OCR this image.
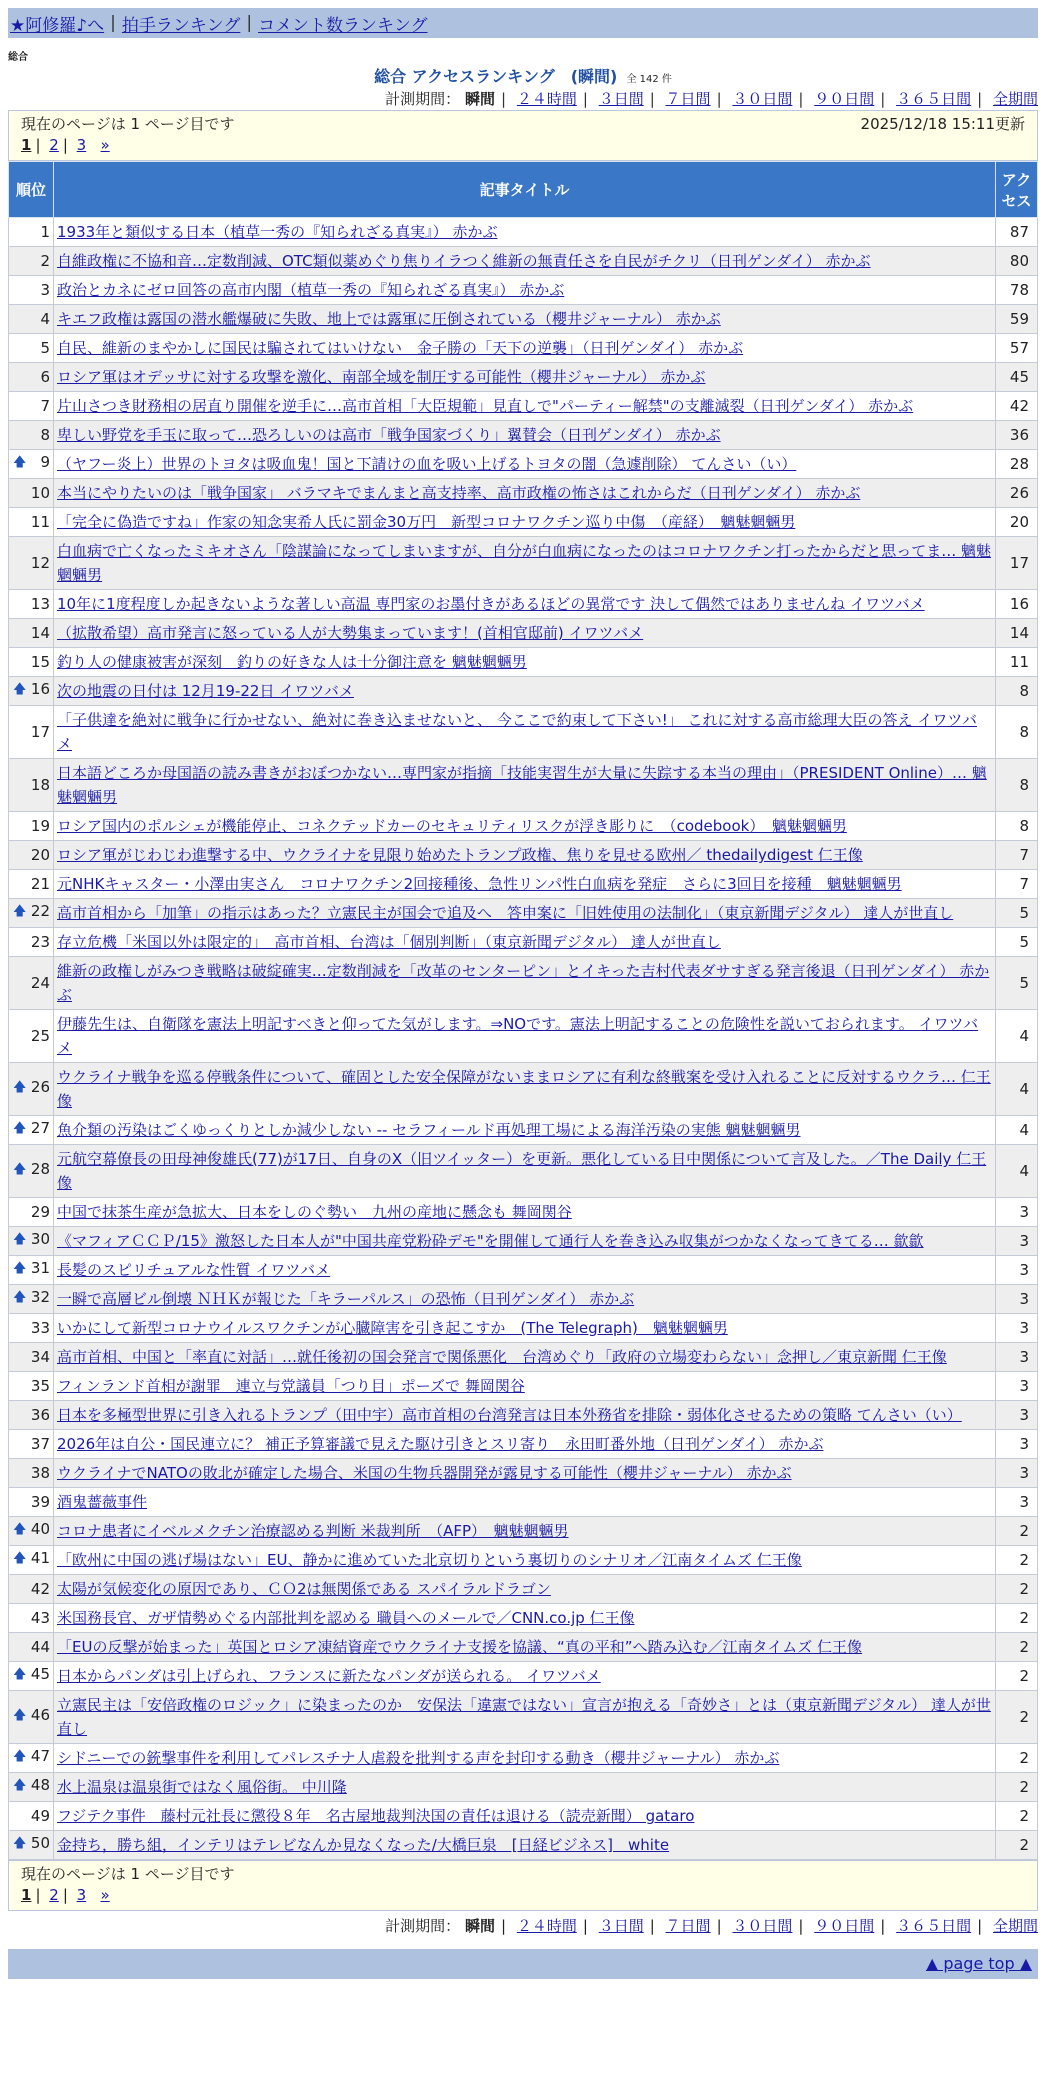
★阿修羅♪へ | 拍手ランキング | コメント数ランキング
総合
総合 アクセスランキング　(瞬間) 全 142 件
計測期間： 瞬間 | ２４時間 | ３日間 | ７日間 | ３０日間 | ９０日間 | ３６５日間 | 全期間
現在のページは 1 ページ目です	2025/12/18 15:11更新
1 | 2 | 3 »
順位	記事タイトル	アクセス
1	1933年と類似する日本（植草一秀の『知られざる真実』） 赤かぶ	87
2	自維政権に不協和音…定数削減、OTC類似薬めぐり焦りイラつく維新の無責任さを自民がチクリ（日刊ゲンダイ） 赤かぶ	80
3	政治とカネにゼロ回答の高市内閣（植草一秀の『知られざる真実』） 赤かぶ	78
4	キエフ政権は露国の潜水艦爆破に失敗、地上では露軍に圧倒されている（櫻井ジャーナル） 赤かぶ	59
5	自民、維新のまやかしに国民は騙されてはいけない　金子勝の「天下の逆襲」（日刊ゲンダイ） 赤かぶ	57
6	ロシア軍はオデッサに対する攻撃を激化、南部全域を制圧する可能性（櫻井ジャーナル） 赤かぶ	45
7	片山さつき財務相の居直り開催を逆手に…高市首相「大臣規範」見直しで"パーティー解禁"の支離滅裂（日刊ゲンダイ） 赤かぶ	42
8	卑しい野党を手玉に取って…恐ろしいのは高市「戦争国家づくり」翼賛会（日刊ゲンダイ） 赤かぶ	36

🡅 9	（ヤフー炎上）世界のトヨタは吸血鬼！国と下請けの血を吸い上げるトヨタの闇（急遽削除） てんさい（い）	28
10	本当にやりたいのは「戦争国家」 バラマキでまんまと高支持率、高市政権の怖さはこれからだ（日刊ゲンダイ） 赤かぶ	26
11	「完全に偽造ですね」作家の知念実希人氏に罰金30万円　新型コロナワクチン巡り中傷　（産経）　魑魅魍魎男	20
12	白血病で亡くなったミキオさん「陰謀論になってしまいますが、自分が白血病になったのはコロナワクチン打ったからだと思ってま… 魑魅魍魎男	17
13	10年に1度程度しか起きないような著しい高温 専門家のお墨付きがあるほどの異常です 決して偶然ではありませんね イワツバメ	16
14	（拡散希望）高市発言に怒っている人が大勢集まっています！(首相官邸前) イワツバメ	14
15	釣り人の健康被害が深刻　釣りの好きな人は十分御注意を 魑魅魍魎男	11

🡅 16	次の地震の日付は 12月19-22日 イワツバメ	8
17	「子供達を絶対に戦争に行かせない、絶対に巻き込ませないと、 今ここで約束して下さい!」 これに対する高市総理大臣の答え イワツバメ	8
18	日本語どころか母国語の読み書きがおぼつかない…専門家が指摘「技能実習生が大量に失踪する本当の理由」（PRESIDENT Online）… 魑魅魍魎男	8
19	ロシア国内のポルシェが機能停止、コネクテッドカーのセキュリティリスクが浮き彫りに　（codebook）　魑魅魍魎男	8
20	ロシア軍がじわじわ進撃する中、ウクライナを見限り始めたトランプ政権、焦りを見せる欧州／ thedailydigest 仁王像	7
21	元NHKキャスター・小澤由実さん　コロナワクチン2回接種後、急性リンパ性白血病を発症　さらに3回目を接種　魑魅魍魎男	7

🡅 22	高市首相から「加筆」の指示はあった？立憲民主が国会で追及へ　答申案に「旧姓使用の法制化」（東京新聞デジタル） 達人が世直し	5
23	存立危機「米国以外は限定的」　高市首相、台湾は「個別判断」（東京新聞デジタル） 達人が世直し	5
24	維新の政権しがみつき戦略は破綻確実…定数削減を「改革のセンターピン」とイキった吉村代表ダサすぎる発言後退（日刊ゲンダイ） 赤かぶ	5
25	伊藤先生は、自衛隊を憲法上明記すべきと仰ってた気がします。⇒NOです。憲法上明記することの危険性を説いておられます。 イワツバメ	4

🡅 26	ウクライナ戦争を巡る停戦条件について、確固とした安全保障がないままロシアに有利な終戦案を受け入れることに反対するウクラ… 仁王像	4

🡅 27	魚介類の汚染はごくゆっくりとしか減少しない -- セラフィールド再処理工場による海洋汚染の実態 魑魅魍魎男	4

🡅 28	元航空幕僚長の田母神俊雄氏(77)が17日、自身のX（旧ツイッター）を更新。悪化している日中関係について言及した。／The Daily 仁王像	4
29	中国で抹茶生産が急拡大、日本をしのぐ勢い　九州の産地に懸念も 舞岡関谷	3

🡅 30	《マフィアＣＣＰ/15》激怒した日本人が"中国共産党粉砕デモ"を開催して通行人を巻き込み収集がつかなくなってきてる… 歙歙	3

🡅 31	長髪のスピリチュアルな性質 イワツバメ	3

🡅 32	一瞬で高層ビル倒壊 ＮＨＫが報じた「キラーパルス」の恐怖（日刊ゲンダイ） 赤かぶ	3
33	いかにして新型コロナウイルスワクチンが心臓障害を引き起こすか　(The Telegraph)　魑魅魍魎男	3
34	高市首相、中国と「率直に対話」…就任後初の国会発言で関係悪化　台湾めぐり「政府の立場変わらない」念押し／東京新聞 仁王像	3
35	フィンランド首相が謝罪　連立与党議員「つり目」ポーズで 舞岡関谷	3
36	日本を多極型世界に引き入れるトランプ（田中宇）高市首相の台湾発言は日本外務省を排除・弱体化させるための策略 てんさい（い）	3
37	2026年は自公・国民連立に？ 補正予算審議で見えた駆け引きとスリ寄り　永田町番外地（日刊ゲンダイ） 赤かぶ	3
38	ウクライナでNATOの敗北が確定した場合、米国の生物兵器開発が露見する可能性（櫻井ジャーナル） 赤かぶ	3
39	酒鬼薔薇事件	3

🡅 40	コロナ患者にイベルメクチン治療認める判断 米裁判所　（AFP）　魑魅魍魎男	2

🡅 41	「欧州に中国の逃げ場はない」EU、静かに進めていた北京切りという裏切りのシナリオ／江南タイムズ 仁王像	2
42	太陽が気候変化の原因であり、ＣＯ2は無関係である スパイラルドラゴン	2
43	米国務長官、ガザ情勢めぐる内部批判を認める 職員へのメールで／CNN.co.jp 仁王像	2
44	「EUの反撃が始まった」英国とロシア凍結資産でウクライナ支援を協議、“真の平和”へ踏み込む／江南タイムズ 仁王像	2

🡅 45	日本からパンダは引上げられ、フランスに新たなパンダが送られる。 イワツバメ	2

🡅 46	立憲民主は「安倍政権のロジック」に染まったのか　安保法「違憲ではない」宣言が抱える「奇妙さ」とは（東京新聞デジタル） 達人が世直し	2

🡅 47	シドニーでの銃撃事件を利用してパレスチナ人虐殺を批判する声を封印する動き（櫻井ジャーナル） 赤かぶ	2

🡅 48	水上温泉は温泉街ではなく風俗街。 中川隆	2
49	フジテク事件　藤村元社長に懲役８年　名古屋地裁判決国の責任は退ける（読売新聞） gataro	2

🡅 50	金持ち，勝ち組，インテリはテレビなんか見なくなった/大橋巨泉　[日経ビジネス]　white	2
現在のページは 1 ページ目です
1 | 2 | 3 »
計測期間： 瞬間 | ２４時間 | ３日間 | ７日間 | ３０日間 | ９０日間 | ３６５日間 | 全期間
▲ page top ▲
